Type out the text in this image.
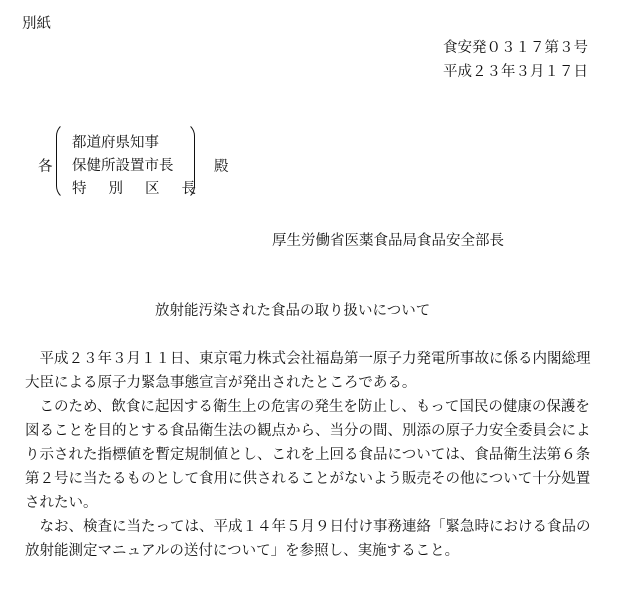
別紙
食安発０３１７第３号
平成２３年３月１７日
各
都道府県知事
保健所設置市長
特別区長
殿
厚生労働省医薬食品局食品安全部長
放射能汚染された食品の取り扱いについて

平成２３年３月１１日、東京電力株式会社福島第一原子力発電所事故に係る内閣総理大臣による原子力緊急事態宣言が発出されたところである。

このため、飲食に起因する衛生上の危害の発生を防止し、もって国民の健康の保護を図ることを目的とする食品衛生法の観点から、当分の間、別添の原子力安全委員会により示された指標値を暫定規制値とし、これを上回る食品については、食品衛生法第６条第２号に当たるものとして食用に供されることがないよう販売その他について十分処置されたい。

なお、検査に当たっては、平成１４年５月９日付け事務連絡「緊急時における食品の放射能測定マニュアルの送付について」を参照し、実施すること。
